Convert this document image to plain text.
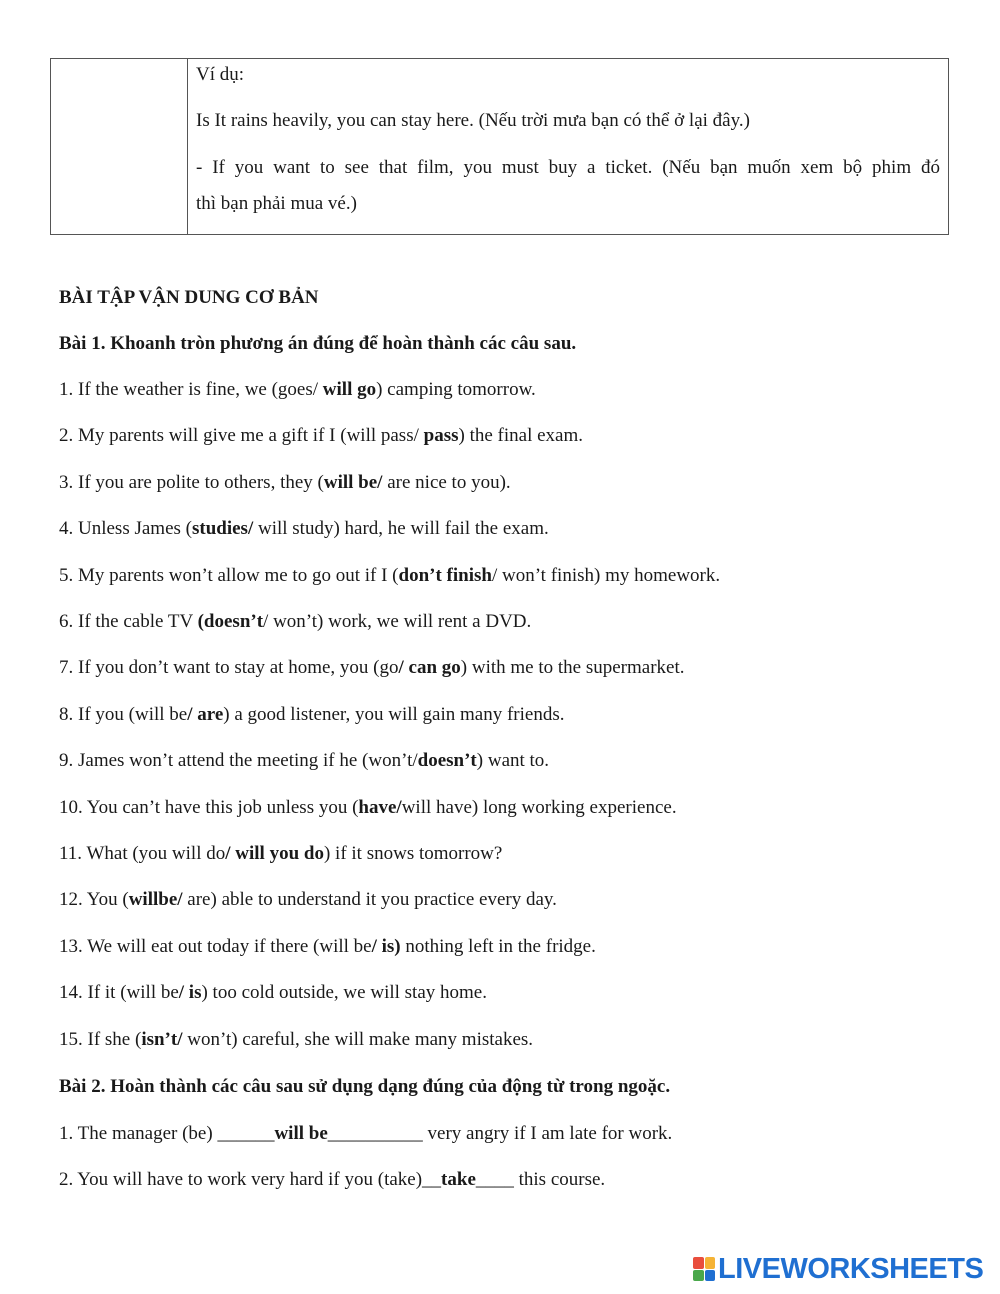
Ví dụ:

Is It rains heavily, you can stay here. (Nếu trời mưa bạn có thể ở lại đây.)

- If you want to see that film, you must buy a ticket. (Nếu bạn muốn xem bộ phim đó

thì bạn phải mua vé.)

BÀI TẬP VẬN DUNG CƠ BẢN
Bài 1. Khoanh tròn phương án đúng để hoàn thành các câu sau.
1. If the weather is fine, we (goes/ will go) camping tomorrow.
2. My parents will give me a gift if I (will pass/ pass) the final exam.
3. If you are polite to others, they (will be/ are nice to you).
4. Unless James (studies/ will study) hard, he will fail the exam.
5. My parents won’t allow me to go out if I (don’t finish/ won’t finish) my homework.
6. If the cable TV (doesn’t/ won’t) work, we will rent a DVD.
7. If you don’t want to stay at home, you (go/ can go) with me to the supermarket.
8. If you (will be/ are) a good listener, you will gain many friends.
9. James won’t attend the meeting if he (won’t/doesn’t) want to.
10. You can’t have this job unless you (have/will have) long working experience.
11. What (you will do/ will you do) if it snows tomorrow?
12. You (willbe/ are) able to understand it you practice every day.
13. We will eat out today if there (will be/ is) nothing left in the fridge.
14. If it (will be/ is) too cold outside, we will stay home.
15. If she (isn’t/ won’t) careful, she will make many mistakes.
Bài 2. Hoàn thành các câu sau sử dụng dạng đúng của động từ trong ngoặc.
1. The manager (be) ______will be__________ very angry if I am late for work.
2. You will have to work very hard if you (take)__take____ this course.
LIVEWORKSHEETS
